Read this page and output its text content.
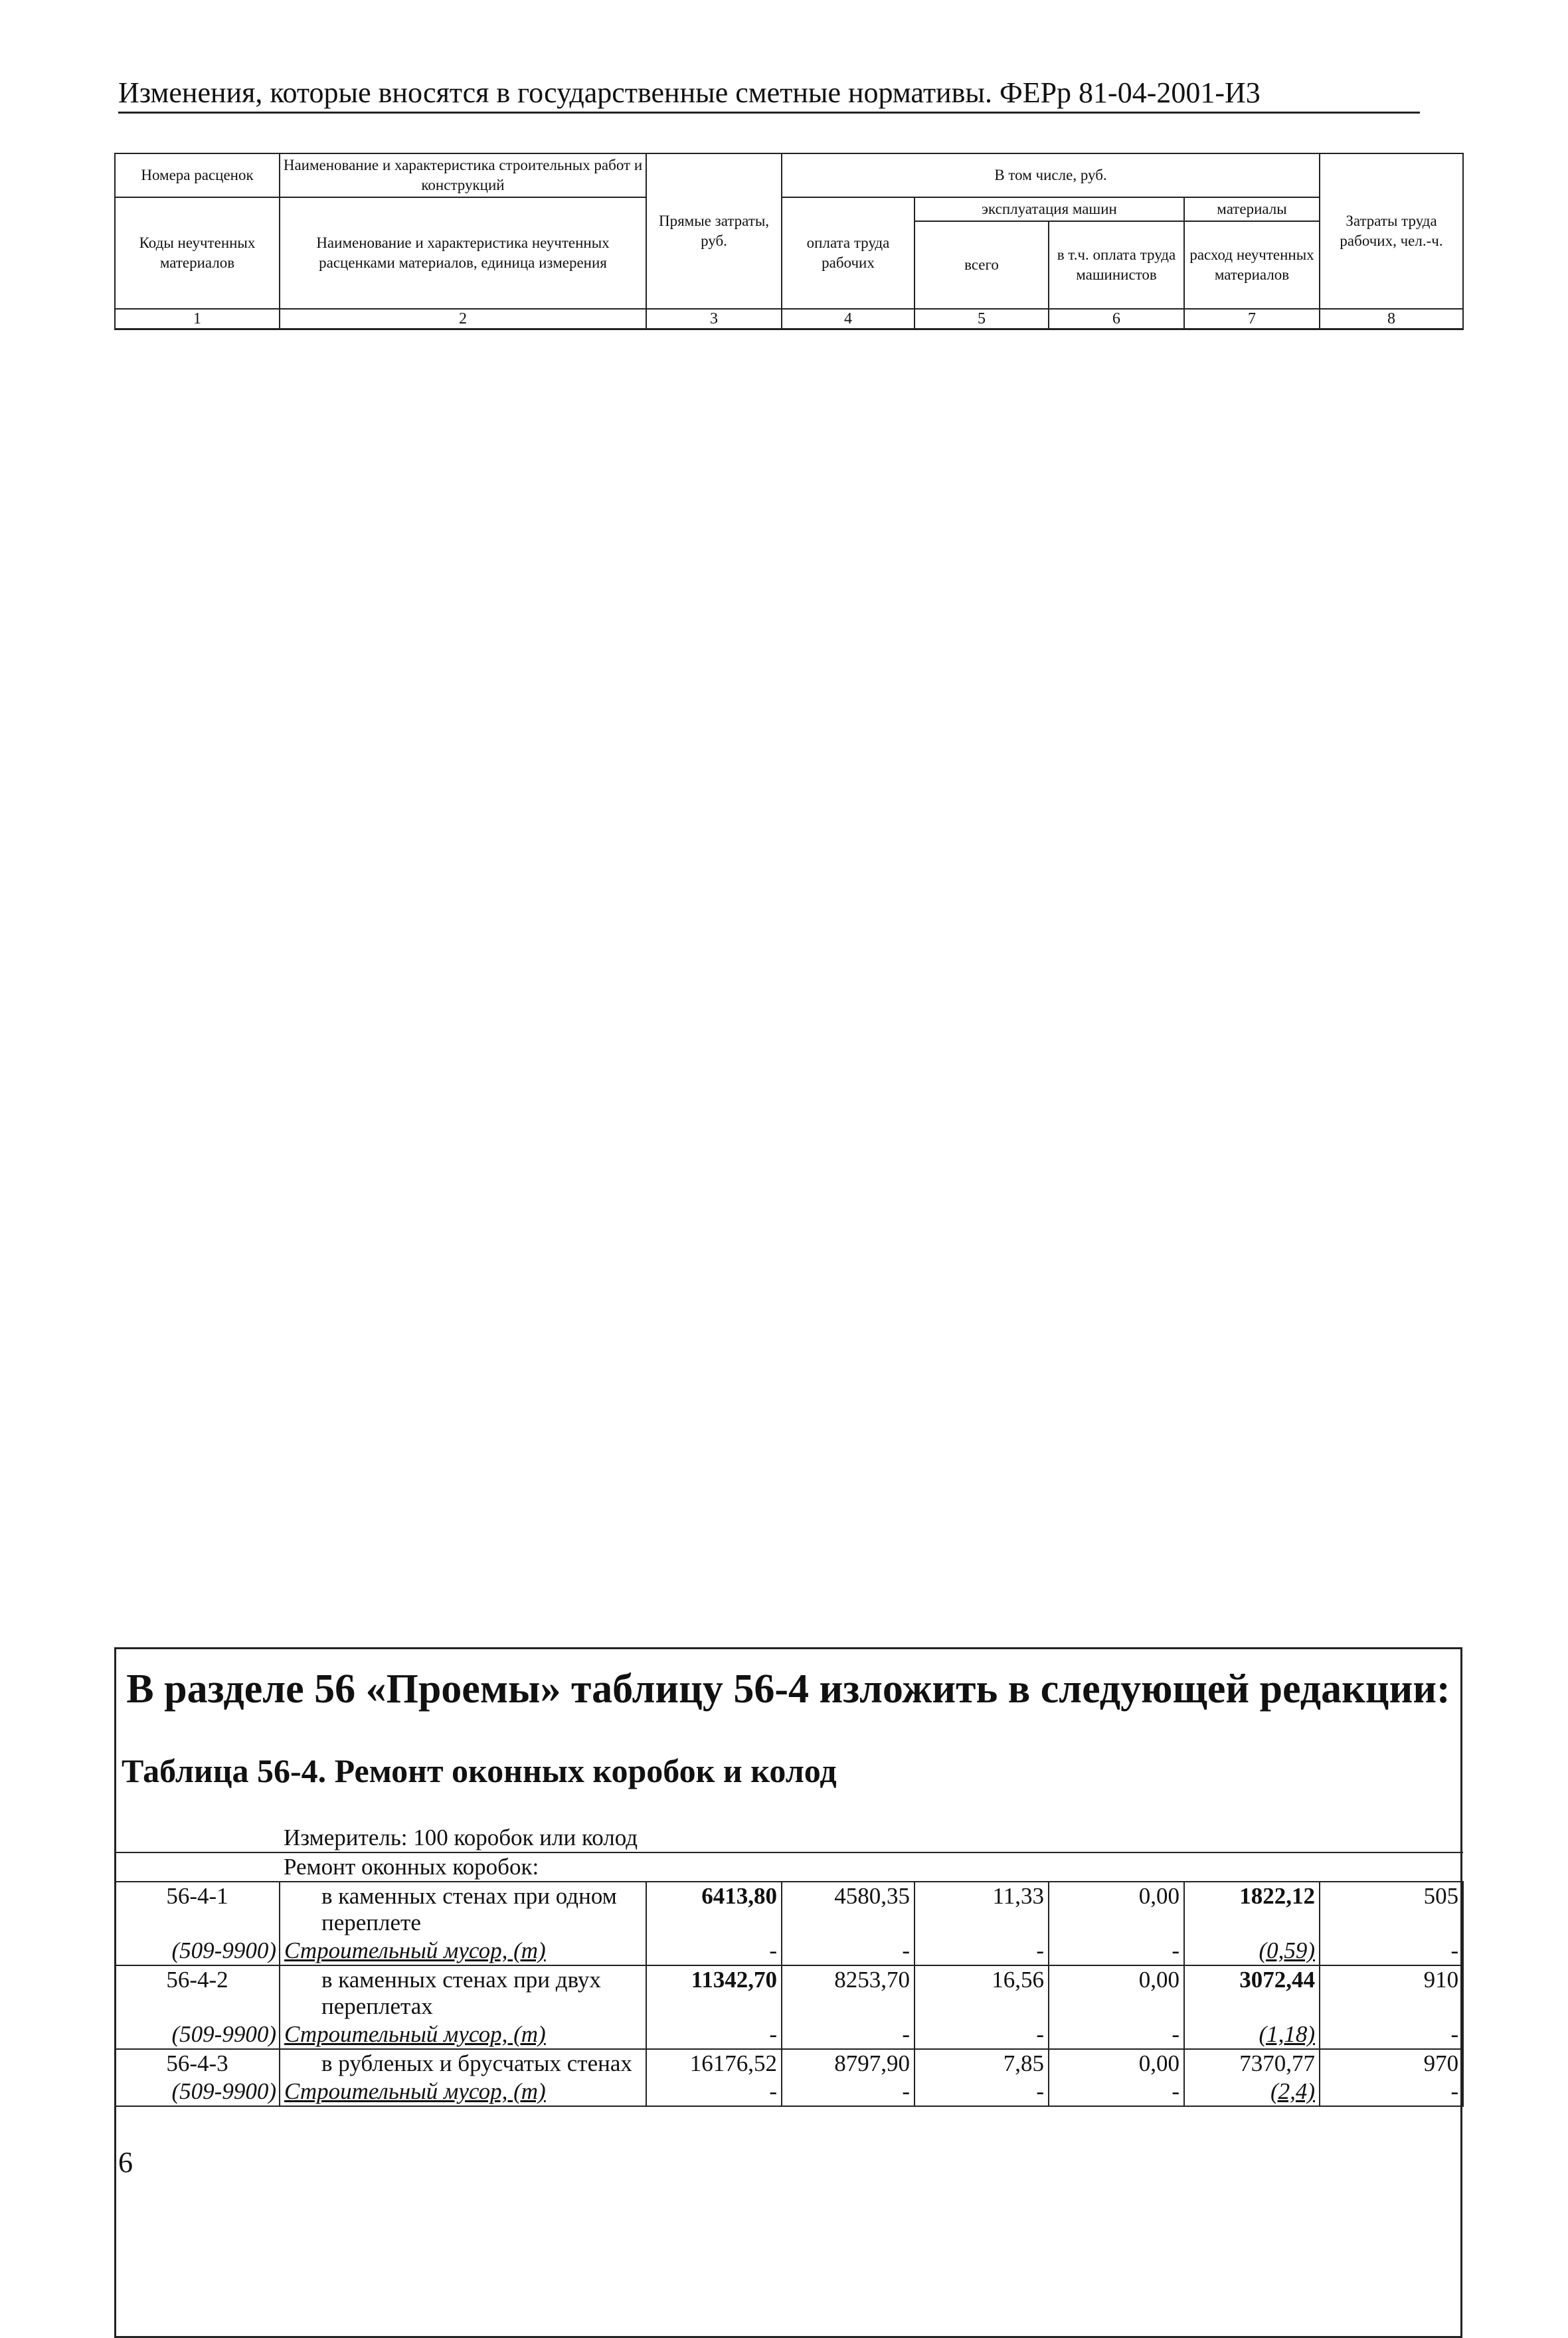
Изменения, которые вносятся в государственные сметные нормативы. ФЕРр 81-04-2001-И3
Номера расценок	Наименование и характеристика строительных работ и конструкций	Прямые затраты, руб.	В том числе, руб.				Затраты труда рабочих, чел.-ч.
Коды неучтенных материалов	Наименование и характеристика неучтенных расценками материалов, единица измерения		оплата труда рабочих	эксплуатация машин		материалы	
				всего	в т.ч. оплата труда машинистов	расход неучтенных материалов	
1	2	3	4	5	6	7	8
В разделе 56 «Проемы» таблицу 56-4 изложить в следующей редакции:
Таблица 56-4. Ремонт оконных коробок и колод
	Измеритель: 100 коробок или колод						
	Ремонт оконных коробок:						
56-4-1	в каменных стенах при одном переплете	6413,80	4580,35	11,33	0,00	1822,12	505
(509-9900)	Строительный мусор, (т)	-	-	-	-	(0,59)	-
56-4-2	в каменных стенах при двух переплетах	11342,70	8253,70	16,56	0,00	3072,44	910
(509-9900)	Строительный мусор, (т)	-	-	-	-	(1,18)	-
56-4-3	в рубленых и брусчатых стенах	16176,52	8797,90	7,85	0,00	7370,77	970
(509-9900)	Строительный мусор, (т)	-	-	-	-	(2,4)	-
6
